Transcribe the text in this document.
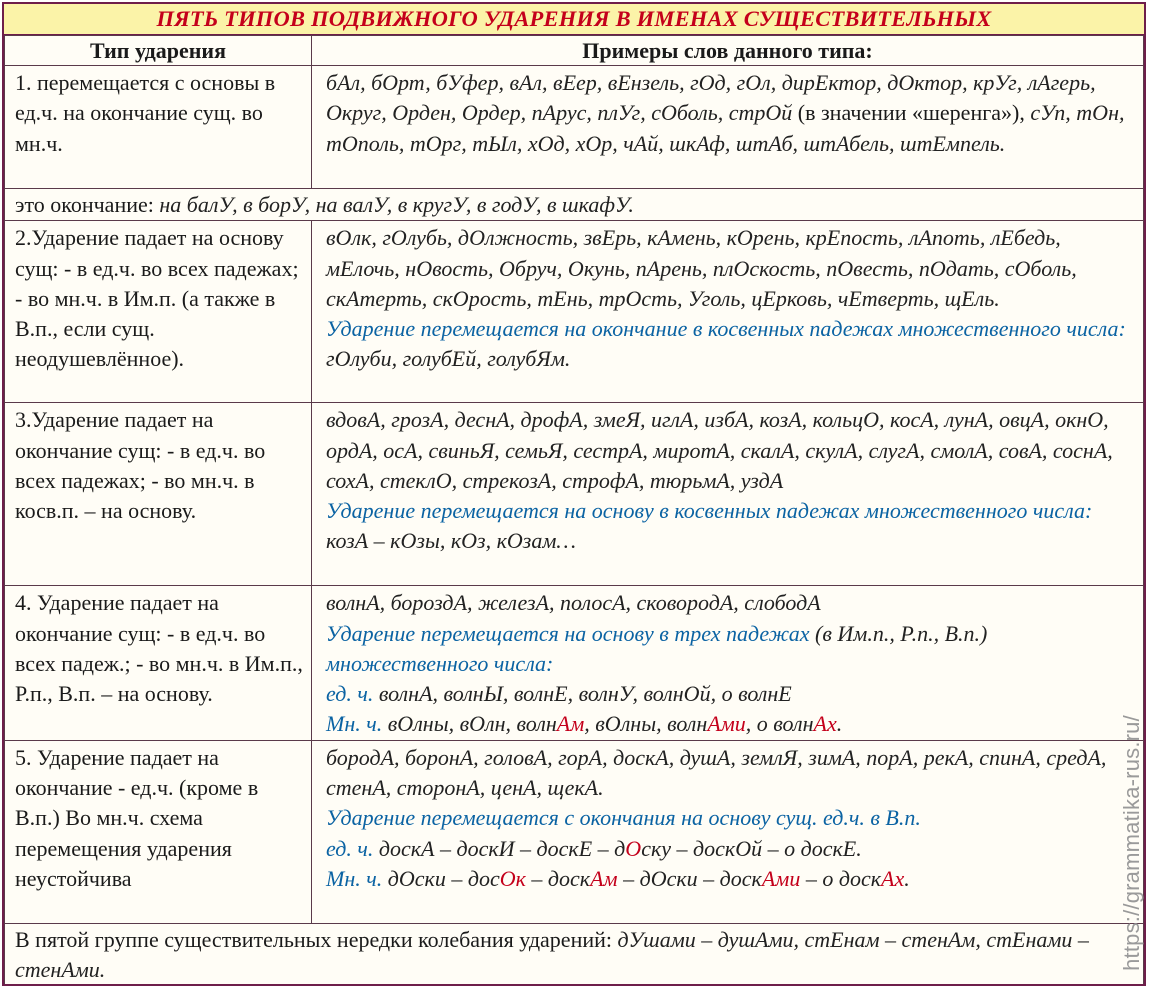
ПЯТЬ ТИПОВ ПОДВИЖНОГО УДАРЕНИЯ В ИМЕНАХ СУЩЕСТВИТЕЛЬНЫХ
Тип ударения	Примеры слов данного типа:
1. перемещается с основы в ед.ч. на окончание сущ. во мн.ч.	бАл, бОрт, бУфер, вАл, вЕер, вЕнзель, гОд, гОл, дирЕктор, дОктор, крУг, лАгерь, Округ, Орден, Ордер, пАрус, плУг, сОболь, стрОй (в значении «шеренга»), сУп, тОн, тОполь, тОрг, тЫл, хОд, хОр, чАй, шкАф, штАб, штАбель, штЕмпель.
это окончание: на балУ, в борУ, на валУ, в кругУ, в годУ, в шкафУ.	
2.Ударение падает на основу сущ: - в ед.ч. во всех падежах; - во мн.ч. в Им.п. (а также в В.п., если сущ. неодушевлённое).	вОлк, гОлубь, дОлжность, звЕрь, кАмень, кОрень, крЕпость, лАпоть, лЕбедь, мЕлочь, нОвость, Обруч, Окунь, пАрень, плОскость, пОвесть, пОдать, сОболь, скАтерть, скОрость, тЕнь, трОсть, Уголь, цЕрковь, чЕтверть, щЕль.
Ударение перемещается на окончание в косвенных падежах множественного числа: гОлуби, голубЕй, голубЯм.
3.Ударение падает на окончание сущ: - в ед.ч. во всех падежах; - во мн.ч. в косв.п. – на основу.	вдовА, грозА, деснА, дрофА, змеЯ, иглА, избА, козА, кольцО, косА, лунА, овцА, окнО, ордА, осА, свиньЯ, семьЯ, сестрА, миротА, скалА, скулА, слугА, смолА, совА, соснА, сохА, стеклО, стрекозА, строфА, тюрьмА, уздА
Ударение перемещается на основу в косвенных падежах множественного числа: козА – кОзы, кОз, кОзам…
4. Ударение падает на окончание сущ: - в ед.ч. во всех падеж.; - во мн.ч. в Им.п., Р.п., В.п. – на основу.	волнА, бороздА, железА, полосА, сковородА, слободА
Ударение перемещается на основу в трех падежах (в Им.п., Р.п., В.п.)
множественного числа:
ед. ч. волнА, волнЫ, волнЕ, волнУ, волнОй, о волнЕ
Мн. ч. вОлны, вОлн, волнАм, вОлны, волнАми, о волнАх.
5. Ударение падает на окончание - ед.ч. (кроме в В.п.) Во мн.ч. схема перемещения ударения неустойчива	бородА, боронА, головА, горА, доскА, душА, землЯ, зимА, порА, рекА, спинА, средА, стенА, сторонА, ценА, щекА.
Ударение перемещается с окончания на основу сущ. ед.ч. в В.п.
ед. ч. доскА – доскИ – доскЕ – дОску – доскОй – о доскЕ.
Мн. ч. дОски – досОк – доскАм – дОски – доскАми – о доскАх.
В пятой группе существительных нередки колебания ударений: дУшами – душАми, стЕнам – стенАм, стЕнами – стенАми.		https://grammatika-rus.ru/
